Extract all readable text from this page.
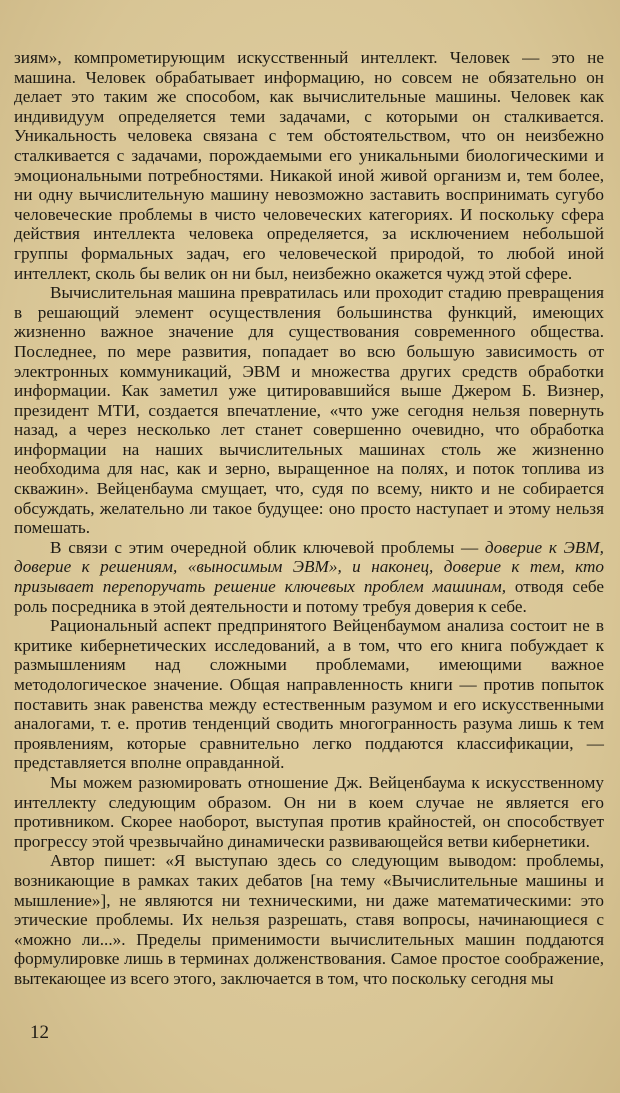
зиям», компрометирующим искусственный интеллект. Человек — это не машина. Человек обрабатывает информацию, но совсем не обязательно он делает это таким же способом, как вычислительные машины. Человек как индивидуум определяется теми задачами, с которыми он сталкивается. Уникальность человека связана с тем обстоятельством, что он неизбежно сталкивается с задачами, порождаемыми его уникальными биологическими и эмоциональными потребностями. Никакой иной живой организм и, тем более, ни одну вычислительную машину невозможно заставить воспринимать сугубо человеческие проблемы в чисто человеческих категориях. И поскольку сфера действия интеллекта человека определяется, за исключением небольшой группы формальных задач, его человеческой природой, то любой иной интеллект, сколь бы велик он ни был, неизбежно окажется чужд этой сфере.

Вычислительная машина превратилась или проходит стадию превращения в решающий элемент осуществления большинства функций, имеющих жизненно важное значение для существования современного общества. Последнее, по мере развития, попадает во всю большую зависимость от электронных коммуникаций, ЭВМ и множества других средств обработки информации. Как заметил уже цитировавшийся выше Джером Б. Визнер, президент МТИ, создается впечатление, «что уже сегодня нельзя повернуть назад, а через несколько лет станет совершенно очевидно, что обработка информации на наших вычислительных машинах столь же жизненно необходима для нас, как и зерно, выращенное на полях, и поток топлива из скважин». Вейценбаума смущает, что, судя по всему, никто и не собирается обсуждать, желательно ли такое будущее: оно просто наступает и этому нельзя помешать.

В связи с этим очередной облик ключевой проблемы — доверие к ЭВМ, доверие к решениям, «выносимым ЭВМ», и наконец, доверие к тем, кто призывает перепоручать решение ключевых проблем машинам, отводя себе роль посредника в этой деятельности и потому требуя доверия к себе.

Рациональный аспект предпринятого Вейценбаумом анализа состоит не в критике кибернетических исследований, а в том, что его книга побуждает к размышлениям над сложными проблемами, имеющими важное методологическое значение. Общая направленность книги — против попыток поставить знак равенства между естественным разумом и его искусственными аналогами, т. е. против тенденций сводить многогранность разума лишь к тем проявлениям, которые сравнительно легко поддаются классификации, — представляется вполне оправданной.

Мы можем разюмировать отношение Дж. Вейценбаума к искусственному интеллекту следующим образом. Он ни в коем случае не является его противником. Скорее наоборот, выступая против крайностей, он способствует прогрессу этой чрезвычайно динамически развивающейся ветви кибернетики.

Автор пишет: «Я выступаю здесь со следующим выводом: проблемы, возникающие в рамках таких дебатов [на тему «Вычислительные машины и мышление»], не являются ни техническими, ни даже математическими: это этические проблемы. Их нельзя разрешать, ставя вопросы, начинающиеся с «можно ли...». Пределы применимости вычислительных машин поддаются формулировке лишь в терминах долженствования. Самое простое соображение, вытекающее из всего этого, заключается в том, что поскольку сегодня мы

12
